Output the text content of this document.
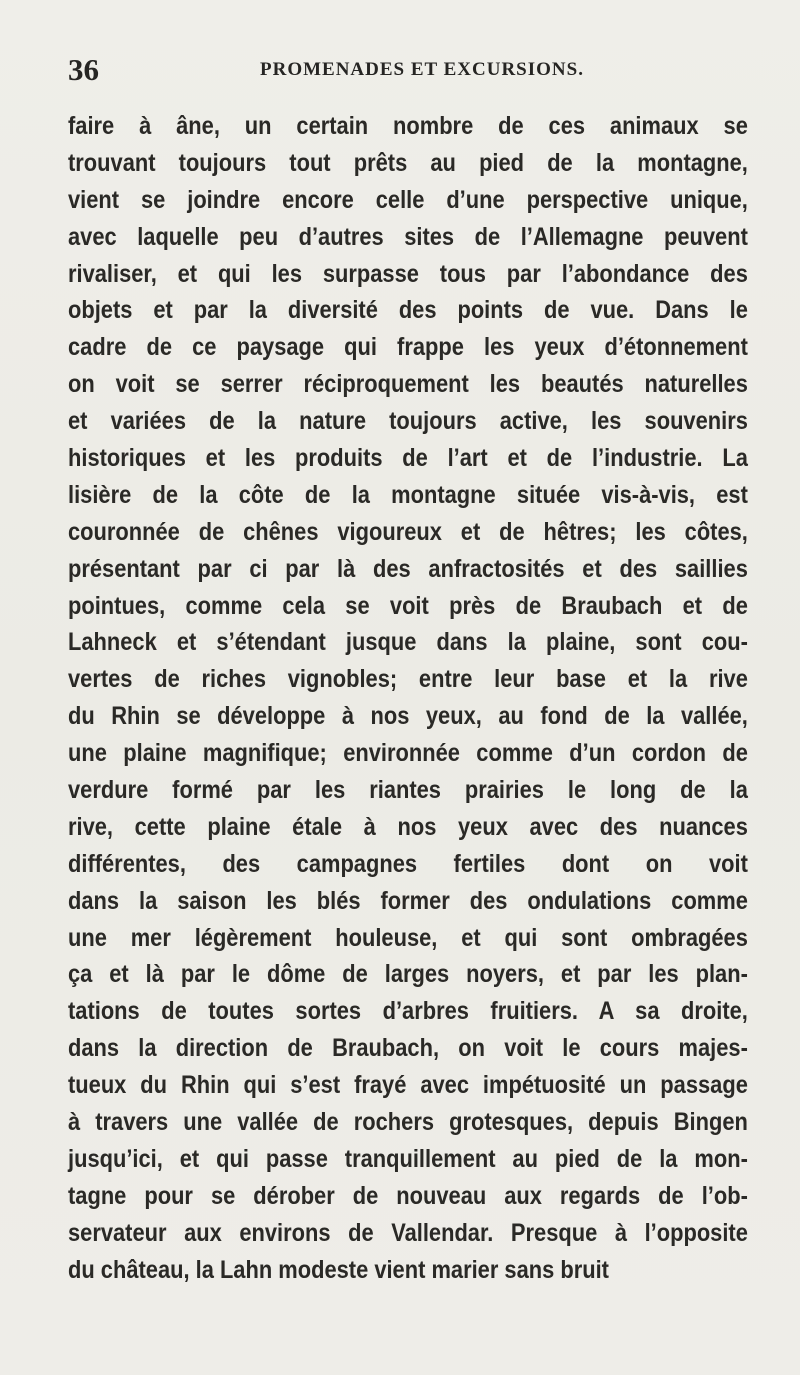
36	PROMENADES ET EXCURSIONS.
faire à âne, un certain nombre de ces animaux se
trouvant toujours tout prêts au pied de la montagne,
vient se joindre encore celle d’une perspective unique,
avec laquelle peu d’autres sites de l’Allemagne peuvent
rivaliser, et qui les surpasse tous par l’abondance des
objets et par la diversité des points de vue. Dans le
cadre de ce paysage qui frappe les yeux d’étonnement
on voit se serrer réciproquement les beautés naturelles
et variées de la nature toujours active, les souvenirs
historiques et les produits de l’art et de l’industrie. La
lisière de la côte de la montagne située vis-à-vis, est
couronnée de chênes vigoureux et de hêtres; les côtes,
présentant par ci par là des anfractosités et des saillies
pointues, comme cela se voit près de Braubach et de
Lahneck et s’étendant jusque dans la plaine, sont cou-
vertes de riches vignobles; entre leur base et la rive
du Rhin se développe à nos yeux, au fond de la vallée,
une plaine magnifique; environnée comme d’un cordon de
verdure formé par les riantes prairies le long de la
rive, cette plaine étale à nos yeux avec des nuances
différentes, des campagnes fertiles dont on voit
dans la saison les blés former des ondulations comme
une mer légèrement houleuse, et qui sont ombragées
ça et là par le dôme de larges noyers, et par les plan-
tations de toutes sortes d’arbres fruitiers. A sa droite,
dans la direction de Braubach, on voit le cours majes-
tueux du Rhin qui s’est frayé avec impétuosité un passage
à travers une vallée de rochers grotesques, depuis Bingen
jusqu’ici, et qui passe tranquillement au pied de la mon-
tagne pour se dérober de nouveau aux regards de l’ob-
servateur aux environs de Vallendar. Presque à l’opposite
du château, la Lahn modeste vient marier sans bruit
